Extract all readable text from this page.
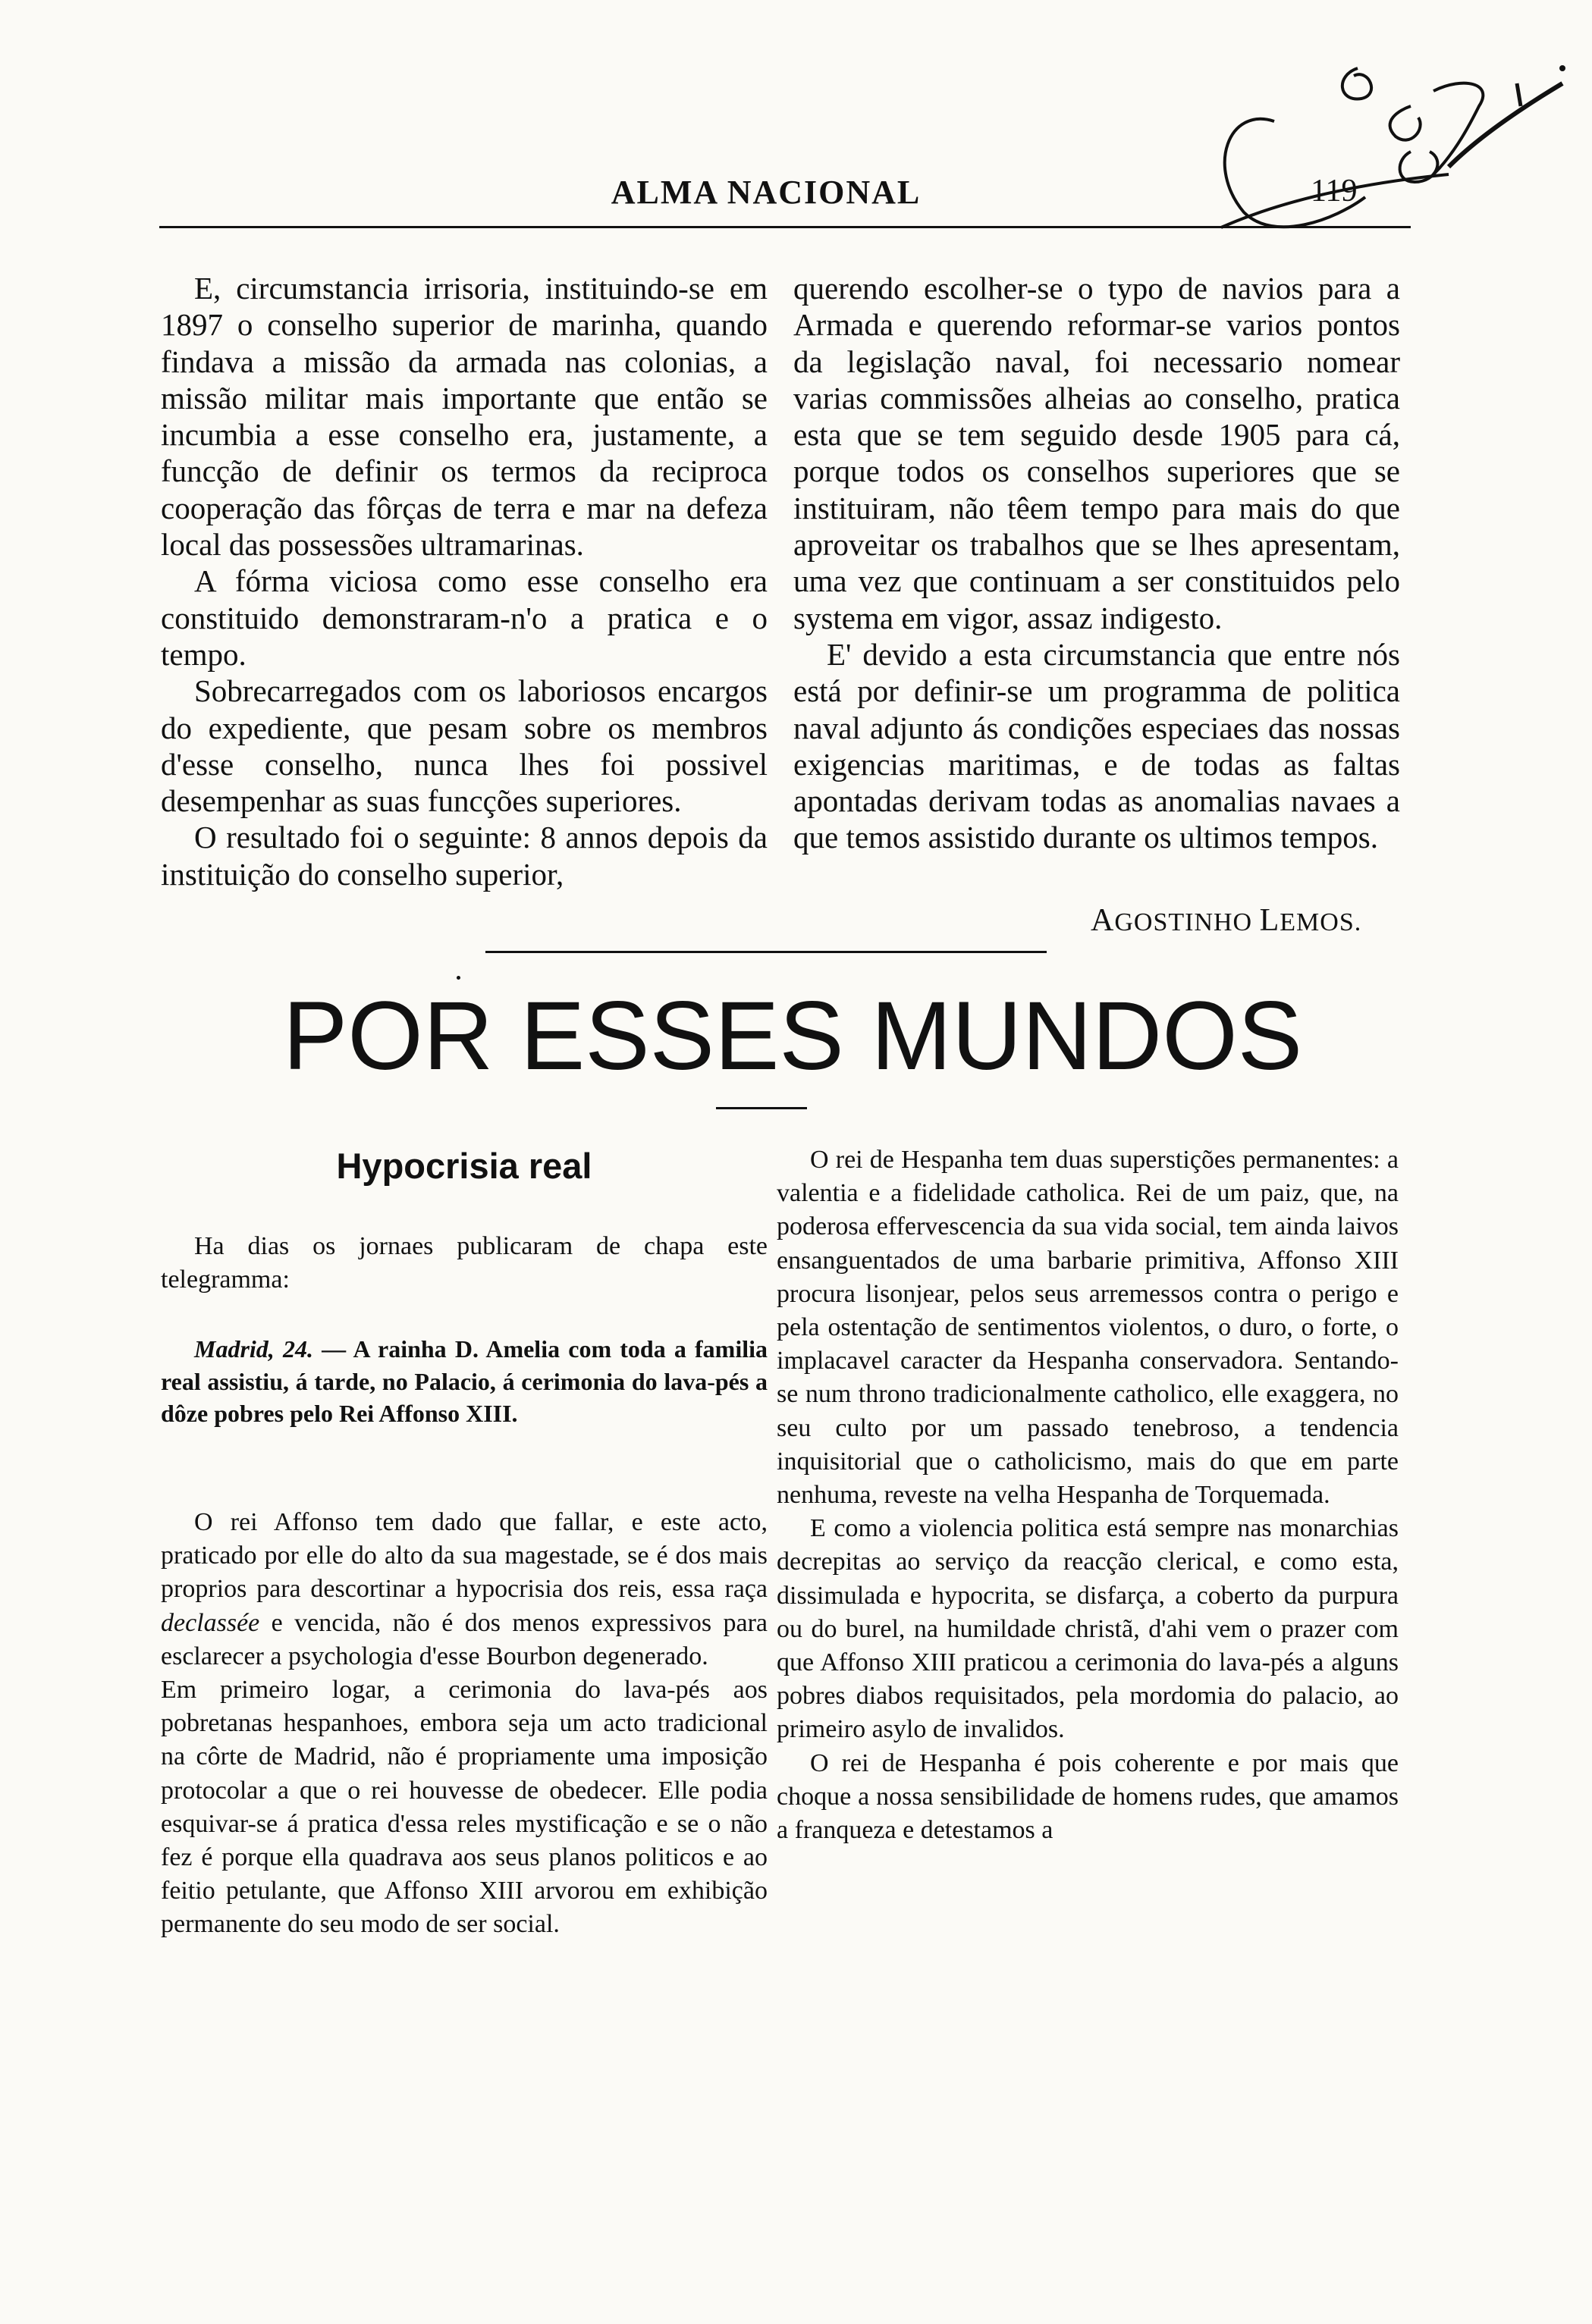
ALMA NACIONAL	119

E, circumstancia irrisoria, instituindo-se em 1897 o conselho superior de marinha, quando findava a missão da armada nas colonias, a missão militar mais importante que então se incumbia a esse conselho era, justamente, a funcção de definir os termos da reciproca cooperação das fôrças de terra e mar na defeza local das possessões ultramarinas.

A fórma viciosa como esse conselho era constituido demonstraram-n'o a pratica e o tempo.

Sobrecarregados com os laboriosos encargos do expediente, que pesam sobre os membros d'esse conselho, nunca lhes foi possivel desempenhar as suas funcções superiores.

O resultado foi o seguinte: 8 annos depois da instituição do conselho superior,

querendo escolher-se o typo de navios para a Armada e querendo reformar-se varios pontos da legislação naval, foi necessario nomear varias commissões alheias ao conselho, pratica esta que se tem seguido desde 1905 para cá, porque todos os conselhos superiores que se instituiram, não têem tempo para mais do que aproveitar os trabalhos que se lhes apresentam, uma vez que continuam a ser constituidos pelo systema em vigor, assaz indigesto.

E' devido a esta circumstancia que entre nós está por definir-se um programma de politica naval adjunto ás condições especiaes das nossas exigencias maritimas, e de todas as faltas apontadas derivam todas as anomalias navaes a que temos assistido durante os ultimos tempos.

AGOSTINHO LEMOS.
POR ESSES MUNDOS
Hypocrisia real

Ha dias os jornaes publicaram de chapa este telegramma:

Madrid, 24. — A rainha D. Amelia com toda a familia real assistiu, á tarde, no Palacio, á cerimonia do lava-pés a dôze pobres pelo Rei Affonso XIII.

O rei Affonso tem dado que fallar, e este acto, praticado por elle do alto da sua magestade, se é dos mais proprios para descortinar a hypocrisia dos reis, essa raça declassée e vencida, não é dos menos expressivos para esclarecer a psychologia d'esse Bourbon degenerado.

Em primeiro logar, a cerimonia do lava-pés aos pobretanas hespanhoes, embora seja um acto tradicional na côrte de Madrid, não é propriamente uma imposição protocolar a que o rei houvesse de obedecer. Elle podia esquivar-se á pratica d'essa reles mystificação e se o não fez é porque ella quadrava aos seus planos politicos e ao feitio petulante, que Affonso XIII arvorou em exhibição permanente do seu modo de ser social.

O rei de Hespanha tem duas superstições permanentes: a valentia e a fidelidade catholica. Rei de um paiz, que, na poderosa effervescencia da sua vida social, tem ainda laivos ensanguentados de uma barbarie primitiva, Affonso XIII procura lisonjear, pelos seus arremessos contra o perigo e pela ostentação de sentimentos violentos, o duro, o forte, o implacavel caracter da Hespanha conservadora. Sentando-se num throno tradicionalmente catholico, elle exaggera, no seu culto por um passado tenebroso, a tendencia inquisitorial que o catholicismo, mais do que em parte nenhuma, reveste na velha Hespanha de Torquemada.

E como a violencia politica está sempre nas monarchias decrepitas ao serviço da reacção clerical, e como esta, dissimulada e hypocrita, se disfarça, a coberto da purpura ou do burel, na humildade christã, d'ahi vem o prazer com que Affonso XIII praticou a cerimonia do lava-pés a alguns pobres diabos requisitados, pela mordomia do palacio, ao primeiro asylo de invalidos.

O rei de Hespanha é pois coherente e por mais que choque a nossa sensibilidade de homens rudes, que amamos a franqueza e detestamos a
